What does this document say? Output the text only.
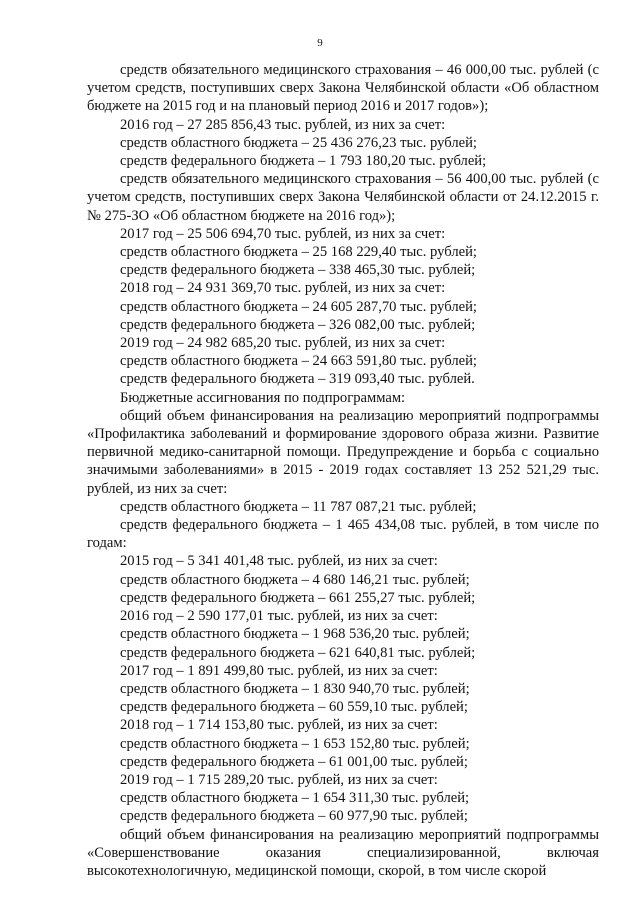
9

средств обязательного медицинского страхования – 46 000,00 тыс. рублей (с учетом средств, поступивших сверх Закона Челябинской области «Об областном бюджете на 2015 год и на плановый период 2016 и 2017 годов»);

2016 год – 27 285 856,43 тыс. рублей, из них за счет:

средств областного бюджета – 25 436 276,23 тыс. рублей;

средств федерального бюджета – 1 793 180,20 тыс. рублей;

средств обязательного медицинского страхования – 56 400,00 тыс. рублей (с учетом средств, поступивших сверх Закона Челябинской области от 24.12.2015 г. № 275-ЗО «Об областном бюджете на 2016 год»);

2017 год – 25 506 694,70 тыс. рублей, из них за счет:

средств областного бюджета – 25 168 229,40 тыс. рублей;

средств федерального бюджета – 338 465,30 тыс. рублей;

2018 год – 24 931 369,70 тыс. рублей, из них за счет:

средств областного бюджета – 24 605 287,70 тыс. рублей;

средств федерального бюджета – 326 082,00 тыс. рублей;

2019 год – 24 982 685,20 тыс. рублей, из них за счет:

средств областного бюджета – 24 663 591,80 тыс. рублей;

средств федерального бюджета – 319 093,40 тыс. рублей.

Бюджетные ассигнования по подпрограммам:

общий объем финансирования на реализацию мероприятий подпрограммы «Профилактика заболеваний и формирование здорового образа жизни. Развитие первичной медико-санитарной помощи. Предупреждение и борьба с социально значимыми заболеваниями» в 2015 - 2019 годах составляет 13 252 521,29 тыс. рублей, из них за счет:

средств областного бюджета – 11 787 087,21 тыс. рублей;

средств федерального бюджета – 1 465 434,08 тыс. рублей, в том числе по годам:

2015 год – 5 341 401,48 тыс. рублей, из них за счет:

средств областного бюджета – 4 680 146,21 тыс. рублей;

средств федерального бюджета – 661 255,27 тыс. рублей;

2016 год – 2 590 177,01 тыс. рублей, из них за счет:

средств областного бюджета – 1 968 536,20 тыс. рублей;

средств федерального бюджета – 621 640,81 тыс. рублей;

2017 год – 1 891 499,80 тыс. рублей, из них за счет:

средств областного бюджета – 1 830 940,70 тыс. рублей;

средств федерального бюджета – 60 559,10 тыс. рублей;

2018 год – 1 714 153,80 тыс. рублей, из них за счет:

средств областного бюджета – 1 653 152,80 тыс. рублей;

средств федерального бюджета – 61 001,00 тыс. рублей;

2019 год – 1 715 289,20 тыс. рублей, из них за счет:

средств областного бюджета – 1 654 311,30 тыс. рублей;

средств федерального бюджета – 60 977,90 тыс. рублей;

общий объем финансирования на реализацию мероприятий подпрограммы «Совершенствование оказания специализированной, включая высокотехнологичную, медицинской помощи, скорой, в том числе скорой
